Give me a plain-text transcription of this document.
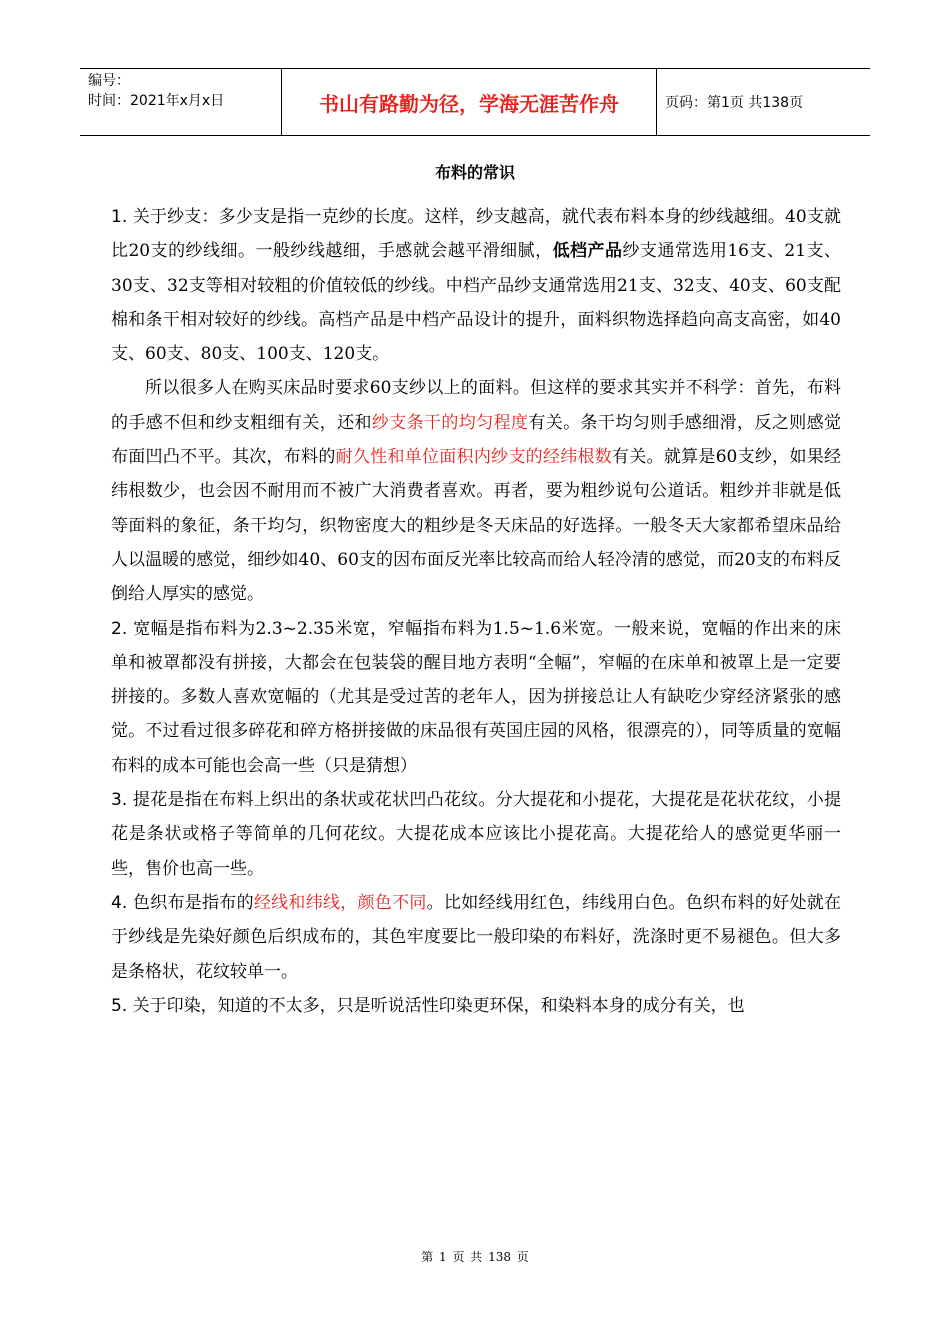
编号：
时间：2021年x月x日	书山有路勤为径，学海无涯苦作舟	页码：第1页 共138页
布料的常识

1. 关于纱支：多少支是指一克纱的长度。这样，纱支越高，就代表布料本身的纱线越细。40支就比20支的纱线细。一般纱线越细，手感就会越平滑细腻，低档产品纱支通常选用16支、21支、30支、32支等相对较粗的价值较低的纱线。中档产品纱支通常选用21支、32支、40支、60支配棉和条干相对较好的纱线。高档产品是中档产品设计的提升，面料织物选择趋向高支高密，如40支、60支、80支、100支、120支。

所以很多人在购买床品时要求60支纱以上的面料。但这样的要求其实并不科学：首先，布料的手感不但和纱支粗细有关，还和纱支条干的均匀程度有关。条干均匀则手感细滑，反之则感觉布面凹凸不平。其次，布料的耐久性和单位面积内纱支的经纬根数有关。就算是60支纱，如果经纬根数少，也会因不耐用而不被广大消费者喜欢。再者，要为粗纱说句公道话。粗纱并非就是低等面料的象征，条干均匀，织物密度大的粗纱是冬天床品的好选择。一般冬天大家都希望床品给人以温暖的感觉，细纱如40、60支的因布面反光率比较高而给人轻冷清的感觉，而20支的布料反倒给人厚实的感觉。

2. 宽幅是指布料为2.3~2.35米宽，窄幅指布料为1.5~1.6米宽。一般来说，宽幅的作出来的床单和被罩都没有拼接，大都会在包装袋的醒目地方表明“全幅”，窄幅的在床单和被罩上是一定要拼接的。多数人喜欢宽幅的（尤其是受过苦的老年人，因为拼接总让人有缺吃少穿经济紧张的感觉。不过看过很多碎花和碎方格拼接做的床品很有英国庄园的风格，很漂亮的），同等质量的宽幅布料的成本可能也会高一些（只是猜想）

3. 提花是指在布料上织出的条状或花状凹凸花纹。分大提花和小提花，大提花是花状花纹，小提花是条状或格子等简单的几何花纹。大提花成本应该比小提花高。大提花给人的感觉更华丽一些，售价也高一些。

4. 色织布是指布的经线和纬线，颜色不同。比如经线用红色，纬线用白色。色织布料的好处就在于纱线是先染好颜色后织成布的，其色牢度要比一般印染的布料好，洗涤时更不易褪色。但大多是条格状，花纹较单一。

5. 关于印染，知道的不太多，只是听说活性印染更环保，和染料本身的成分有关，也

第 1 页 共 138 页
